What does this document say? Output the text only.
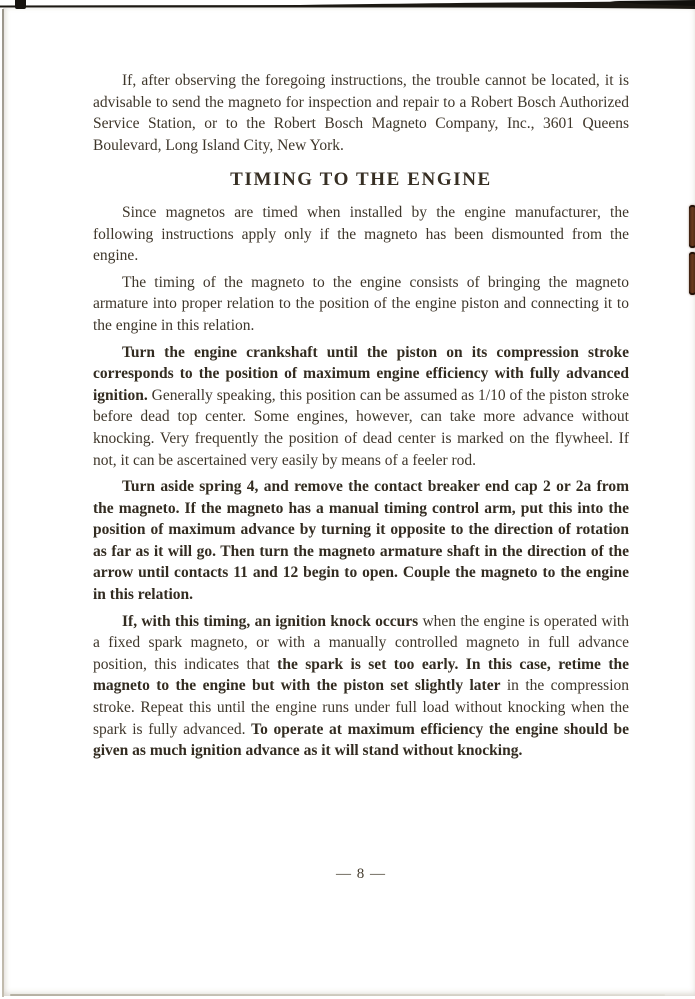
If, after observing the foregoing instructions, the trouble cannot be located, it is advisable to send the magneto for inspection and repair to a Robert Bosch Authorized Service Station, or to the Robert Bosch Magneto Company, Inc., 3601 Queens Boulevard, Long Island City, New York.

TIMING TO THE ENGINE

Since magnetos are timed when installed by the engine manufacturer, the following instructions apply only if the magneto has been dismounted from the engine.

The timing of the magneto to the engine consists of bringing the magneto armature into proper relation to the position of the engine piston and connecting it to the engine in this relation.

Turn the engine crankshaft until the piston on its compression stroke corresponds to the position of maximum engine efficiency with fully advanced ignition. Generally speaking, this position can be assumed as 1/10 of the piston stroke before dead top center. Some engines, however, can take more advance without knocking. Very frequently the position of dead center is marked on the flywheel. If not, it can be ascertained very easily by means of a feeler rod.

Turn aside spring 4, and remove the contact breaker end cap 2 or 2a from the magneto. If the magneto has a manual timing control arm, put this into the position of maximum advance by turning it opposite to the direction of rotation as far as it will go. Then turn the magneto armature shaft in the direction of the arrow until contacts 11 and 12 begin to open. Couple the magneto to the engine in this relation.

If, with this timing, an ignition knock occurs when the engine is operated with a fixed spark magneto, or with a manually controlled magneto in full advance position, this indicates that the spark is set too early. In this case, retime the magneto to the engine but with the piston set slightly later in the compression stroke. Repeat this until the engine runs under full load without knocking when the spark is fully advanced. To operate at maximum efficiency the engine should be given as much ignition advance as it will stand without knocking.

— 8 —
